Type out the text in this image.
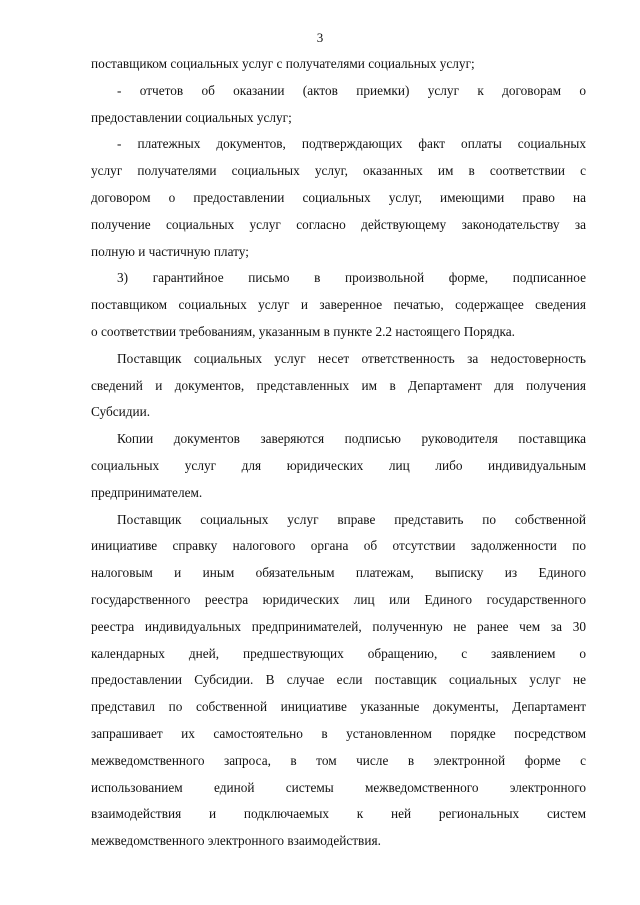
3
поставщиком социальных услуг с получателями социальных услуг;
- отчетов об оказании (актов приемки) услуг к договорам о
предоставлении социальных услуг;
- платежных документов, подтверждающих факт оплаты социальных
услуг получателями социальных услуг, оказанных им в соответствии с
договором о предоставлении социальных услуг, имеющими право на
получение социальных услуг согласно действующему законодательству за
полную и частичную плату;
3) гарантийное письмо в произвольной форме, подписанное
поставщиком социальных услуг и заверенное печатью, содержащее сведения
о соответствии требованиям, указанным в пункте 2.2 настоящего Порядка.
Поставщик социальных услуг несет ответственность за недостоверность
сведений и документов, представленных им в Департамент для получения
Субсидии.
Копии документов заверяются подписью руководителя поставщика
социальных услуг для юридических лиц либо индивидуальным
предпринимателем.
Поставщик социальных услуг вправе представить по собственной
инициативе справку налогового органа об отсутствии задолженности по
налоговым и иным обязательным платежам, выписку из Единого
государственного реестра юридических лиц или Единого государственного
реестра индивидуальных предпринимателей, полученную не ранее чем за 30
календарных дней, предшествующих обращению, с заявлением о
предоставлении Субсидии. В случае если поставщик социальных услуг не
представил по собственной инициативе указанные документы, Департамент
запрашивает их самостоятельно в установленном порядке посредством
межведомственного запроса, в том числе в электронной форме с
использованием единой системы межведомственного электронного
взаимодействия и подключаемых к ней региональных систем
межведомственного электронного взаимодействия.
